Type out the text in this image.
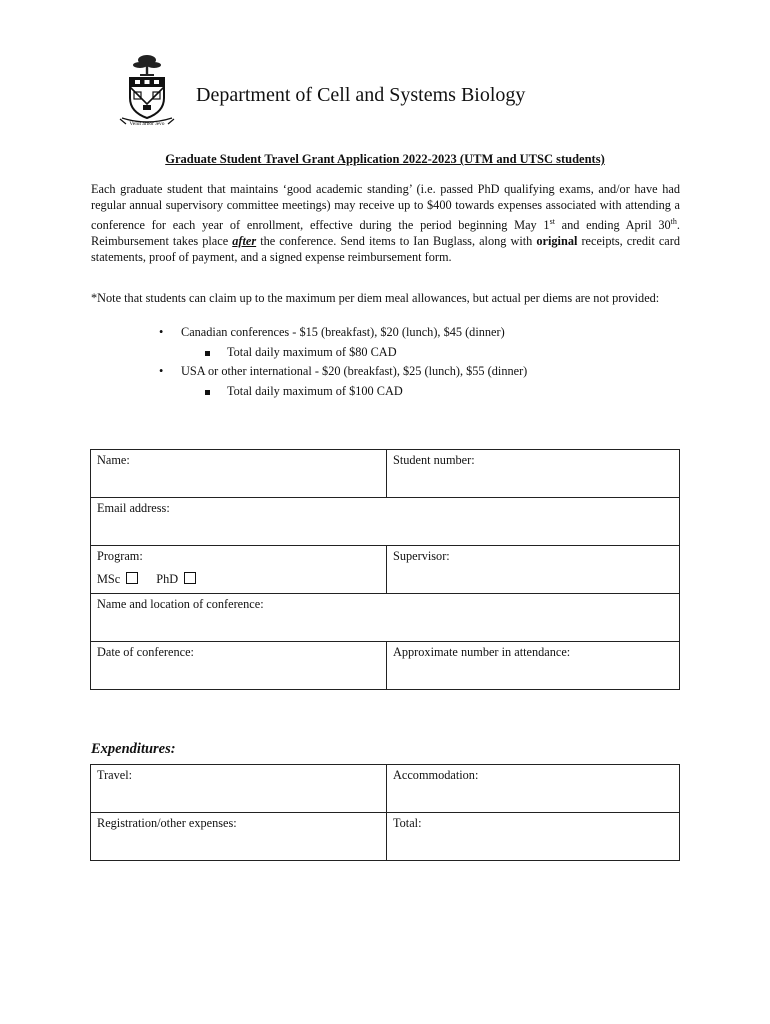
Velut arbor ævo
Department of Cell and Systems Biology
Graduate Student Travel Grant Application 2022-2023 (UTM and UTSC students)
Each graduate student that maintains ‘good academic standing’ (i.e. passed PhD qualifying exams, and/or have had regular annual supervisory committee meetings) may receive up to $400 towards expenses associated with attending a conference for each year of enrollment, effective during the period beginning May 1st and ending April 30th. Reimbursement takes place after the conference. Send items to Ian Buglass, along with original receipts, credit card statements, proof of payment, and a signed expense reimbursement form.
*Note that students can claim up to the maximum per diem meal allowances, but actual per diems are not provided:
• Canadian conferences - $15 (breakfast), $20 (lunch), $45 (dinner)
Total daily maximum of $80 CAD
• USA or other international - $20 (breakfast), $25 (lunch), $55 (dinner)
Total daily maximum of $100 CAD
Name:	Student number:
Email address:	

Program:
MSc PhD	Supervisor:
Name and location of conference:	
Date of conference:	Approximate number in attendance:
Expenditures:
Travel:	Accommodation:
Registration/other expenses:	Total:
